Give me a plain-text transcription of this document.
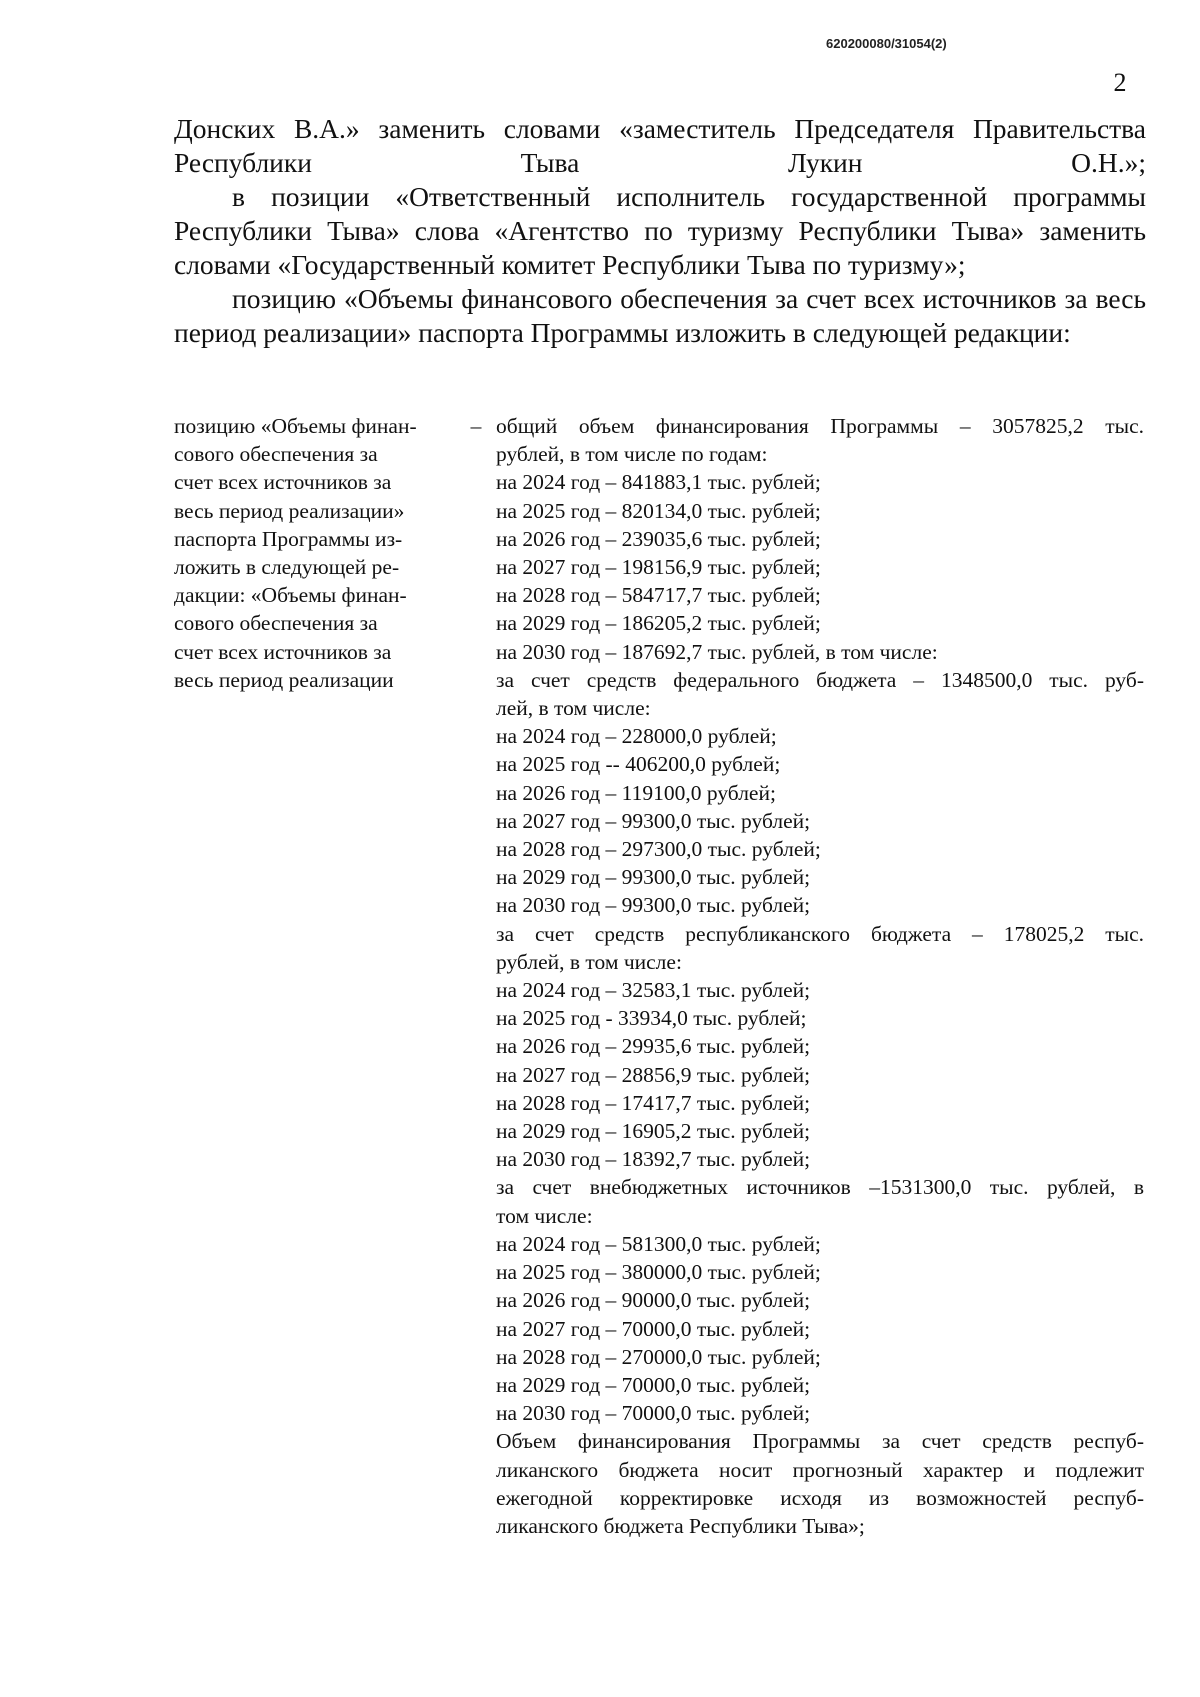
620200080/31054(2)
2

Донских В.А.» заменить словами «заместитель Председателя Правительства Республики Тыва Лукин О.Н.»;

в позиции «Ответственный исполнитель государственной программы Республики Тыва» слова «Агентство по туризму Республики Тыва» заменить словами «Государственный комитет Республики Тыва по туризму»;

позицию «Объемы финансового обеспечения за счет всех источников за весь период реализации» паспорта Программы изложить в следующей редакции:

позицию «Объемы финан-
сового обеспечения за
счет всех источников за
весь период реализации»
паспорта Программы из-
ложить в следующей ре-
дакции: «Объемы финан-
сового обеспечения за
счет всех источников за
весь период реализации
– общий объем финансирования Программы – 3057825,2 тыс.
рублей, в том числе по годам:
на 2024 год – 841883,1 тыс. рублей;
на 2025 год – 820134,0 тыс. рублей;
на 2026 год – 239035,6 тыс. рублей;
на 2027 год – 198156,9 тыс. рублей;
на 2028 год – 584717,7 тыс. рублей;
на 2029 год – 186205,2 тыс. рублей;
на 2030 год – 187692,7 тыс. рублей, в том числе:
за счет средств федерального бюджета – 1348500,0 тыс. руб-
лей, в том числе:
на 2024 год – 228000,0 рублей;
на 2025 год -- 406200,0 рублей;
на 2026 год – 119100,0 рублей;
на 2027 год – 99300,0 тыс. рублей;
на 2028 год – 297300,0 тыс. рублей;
на 2029 год – 99300,0 тыс. рублей;
на 2030 год – 99300,0 тыс. рублей;
за счет средств республиканского бюджета – 178025,2 тыс.
рублей, в том числе:
на 2024 год – 32583,1 тыс. рублей;
на 2025 год - 33934,0 тыс. рублей;
на 2026 год – 29935,6 тыс. рублей;
на 2027 год – 28856,9 тыс. рублей;
на 2028 год – 17417,7 тыс. рублей;
на 2029 год – 16905,2 тыс. рублей;
на 2030 год – 18392,7 тыс. рублей;
за счет внебюджетных источников –1531300,0 тыс. рублей, в
том числе:
на 2024 год – 581300,0 тыс. рублей;
на 2025 год – 380000,0 тыс. рублей;
на 2026 год – 90000,0 тыс. рублей;
на 2027 год – 70000,0 тыс. рублей;
на 2028 год – 270000,0 тыс. рублей;
на 2029 год – 70000,0 тыс. рублей;
на 2030 год – 70000,0 тыс. рублей;
Объем финансирования Программы за счет средств респуб-
ликанского бюджета носит прогнозный характер и подлежит
ежегодной корректировке исходя из возможностей респуб-
ликанского бюджета Республики Тыва»;
